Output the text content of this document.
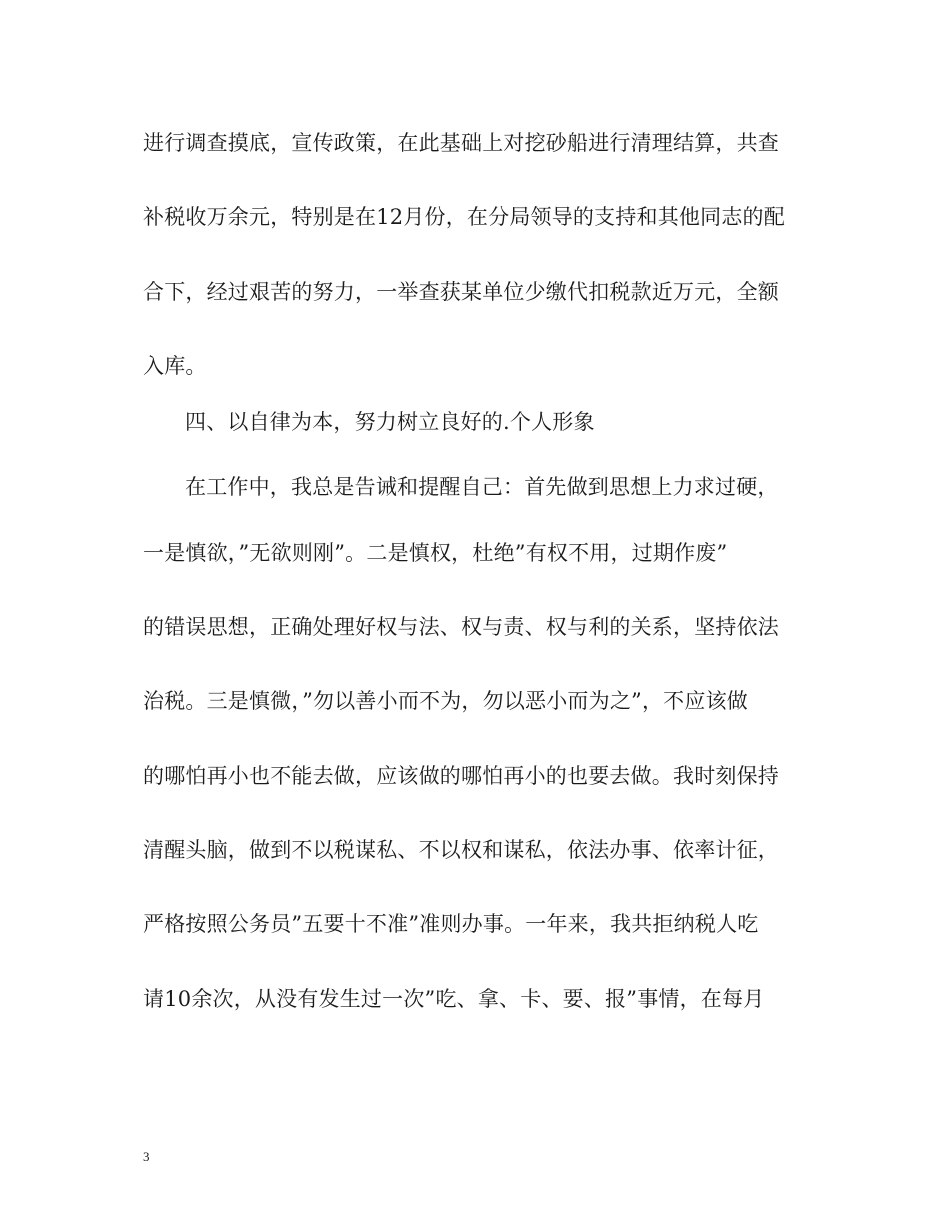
进行调查摸底，宣传政策，在此基础上对挖砂船进行清理结算，共查
补税收万余元，特别是在12月份，在分局领导的支持和其他同志的配
合下，经过艰苦的努力，一举查获某单位少缴代扣税款近万元，全额
入库。
四、以自律为本，努力树立良好的.个人形象
在工作中，我总是告诫和提醒自己：首先做到思想上力求过硬，
一是慎欲，”无欲则刚”。二是慎权，杜绝”有权不用，过期作废”
的错误思想，正确处理好权与法、权与责、权与利的关系，坚持依法
治税。三是慎微，”勿以善小而不为，勿以恶小而为之”，不应该做
的哪怕再小也不能去做，应该做的哪怕再小的也要去做。我时刻保持
清醒头脑，做到不以税谋私、不以权和谋私，依法办事、依率计征，
严格按照公务员”五要十不准”准则办事。一年来，我共拒纳税人吃
请10余次，从没有发生过一次”吃、拿、卡、要、报”事情，在每月
3
